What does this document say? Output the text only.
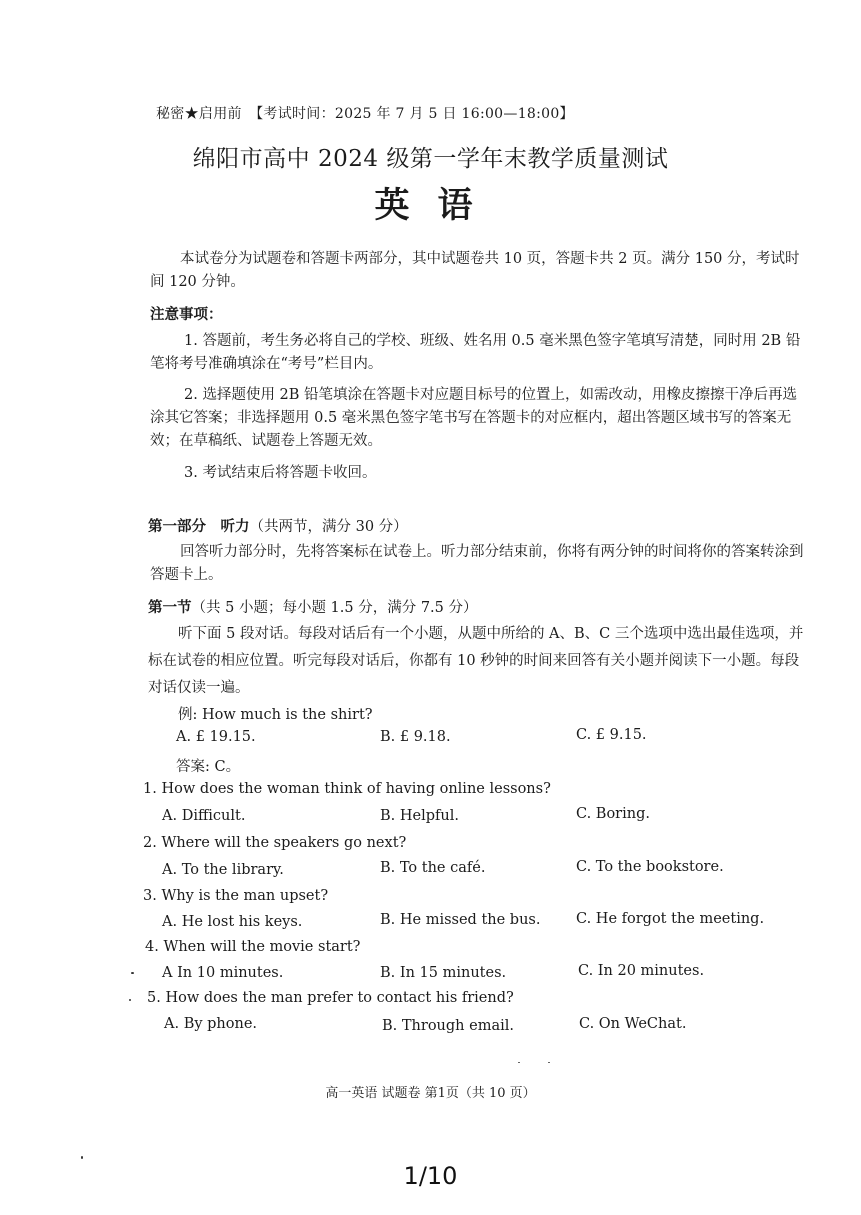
秘密★启用前　【考试时间：2025 年 7 月 5 日 16:00—18:00】
绵阳市高中 2024 级第一学年末教学质量测试
英语
本试卷分为试题卷和答题卡两部分，其中试题卷共 10 页，答题卡共 2 页。满分 150 分，考试时间 120 分钟。
注意事项：
1. 答题前，考生务必将自己的学校、班级、姓名用 0.5 毫米黑色签字笔填写清楚，同时用 2B 铅笔将考号准确填涂在“考号”栏目内。
2. 选择题使用 2B 铅笔填涂在答题卡对应题目标号的位置上，如需改动，用橡皮擦擦干净后再选涂其它答案；非选择题用 0.5 毫米黑色签字笔书写在答题卡的对应框内，超出答题区域书写的答案无效；在草稿纸、试题卷上答题无效。
3. 考试结束后将答题卡收回。
第一部分　听力（共两节，满分 30 分）
回答听力部分时，先将答案标在试卷上。听力部分结束前，你将有两分钟的时间将你的答案转涂到答题卡上。
第一节（共 5 小题；每小题 1.5 分，满分 7.5 分）
听下面 5 段对话。每段对话后有一个小题，从题中所给的 A、B、C 三个选项中选出最佳选项，并标在试卷的相应位置。听完每段对话后，你都有 10 秒钟的时间来回答有关小题并阅读下一小题。每段对话仅读一遍。
例: How much is the shirt?
A. £ 19.15.	B. £ 9.18.	C. £ 9.15.
答案: C。
1. How does the woman think of having online lessons?
A. Difficult.	B. Helpful.	C. Boring.
2. Where will the speakers go next?
A. To the library.	B. To the café.	C. To the bookstore.
3. Why is the man upset?
A. He lost his keys.	B. He missed the bus. C. He forgot the meeting.
4. When will the movie start?
A In 10 minutes.	B. In 15 minutes.	C. In 20 minutes.
5. How does the man prefer to contact his friend?
A. By phone.	B. Through email.	C. On WeChat.
高一英语 试题卷 第1页（共 10 页）
1/10
